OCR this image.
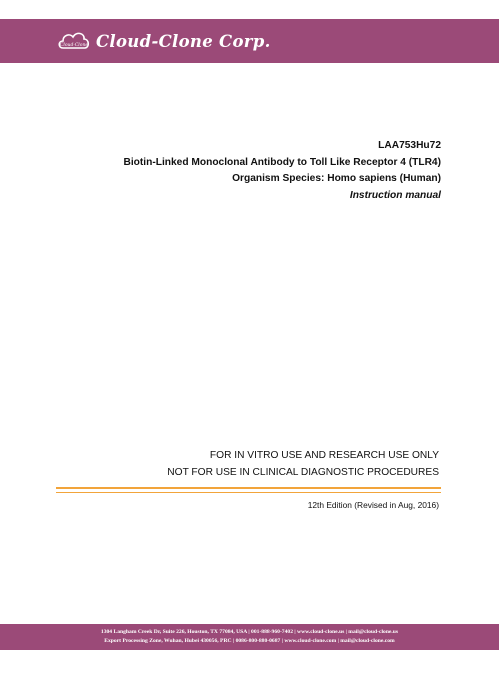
Cloud-Clone Cloud-Clone Corp.
LAA753Hu72
Biotin-Linked Monoclonal Antibody to Toll Like Receptor 4 (TLR4)
Organism Species: Homo sapiens (Human)
Instruction manual
FOR IN VITRO USE AND RESEARCH USE ONLY
NOT FOR USE IN CLINICAL DIAGNOSTIC PROCEDURES
12th Edition (Revised in Aug, 2016)
1304 Langham Creek Dr, Suite 226, Houston, TX 77084, USA | 001-888-960-7402 | www.cloud-clone.us | mail@cloud-clone.us
Export Processing Zone, Wuhan, Hubei 430056, PRC | 0086-800-880-0687 | www.cloud-clone.com | mail@cloud-clone.com
